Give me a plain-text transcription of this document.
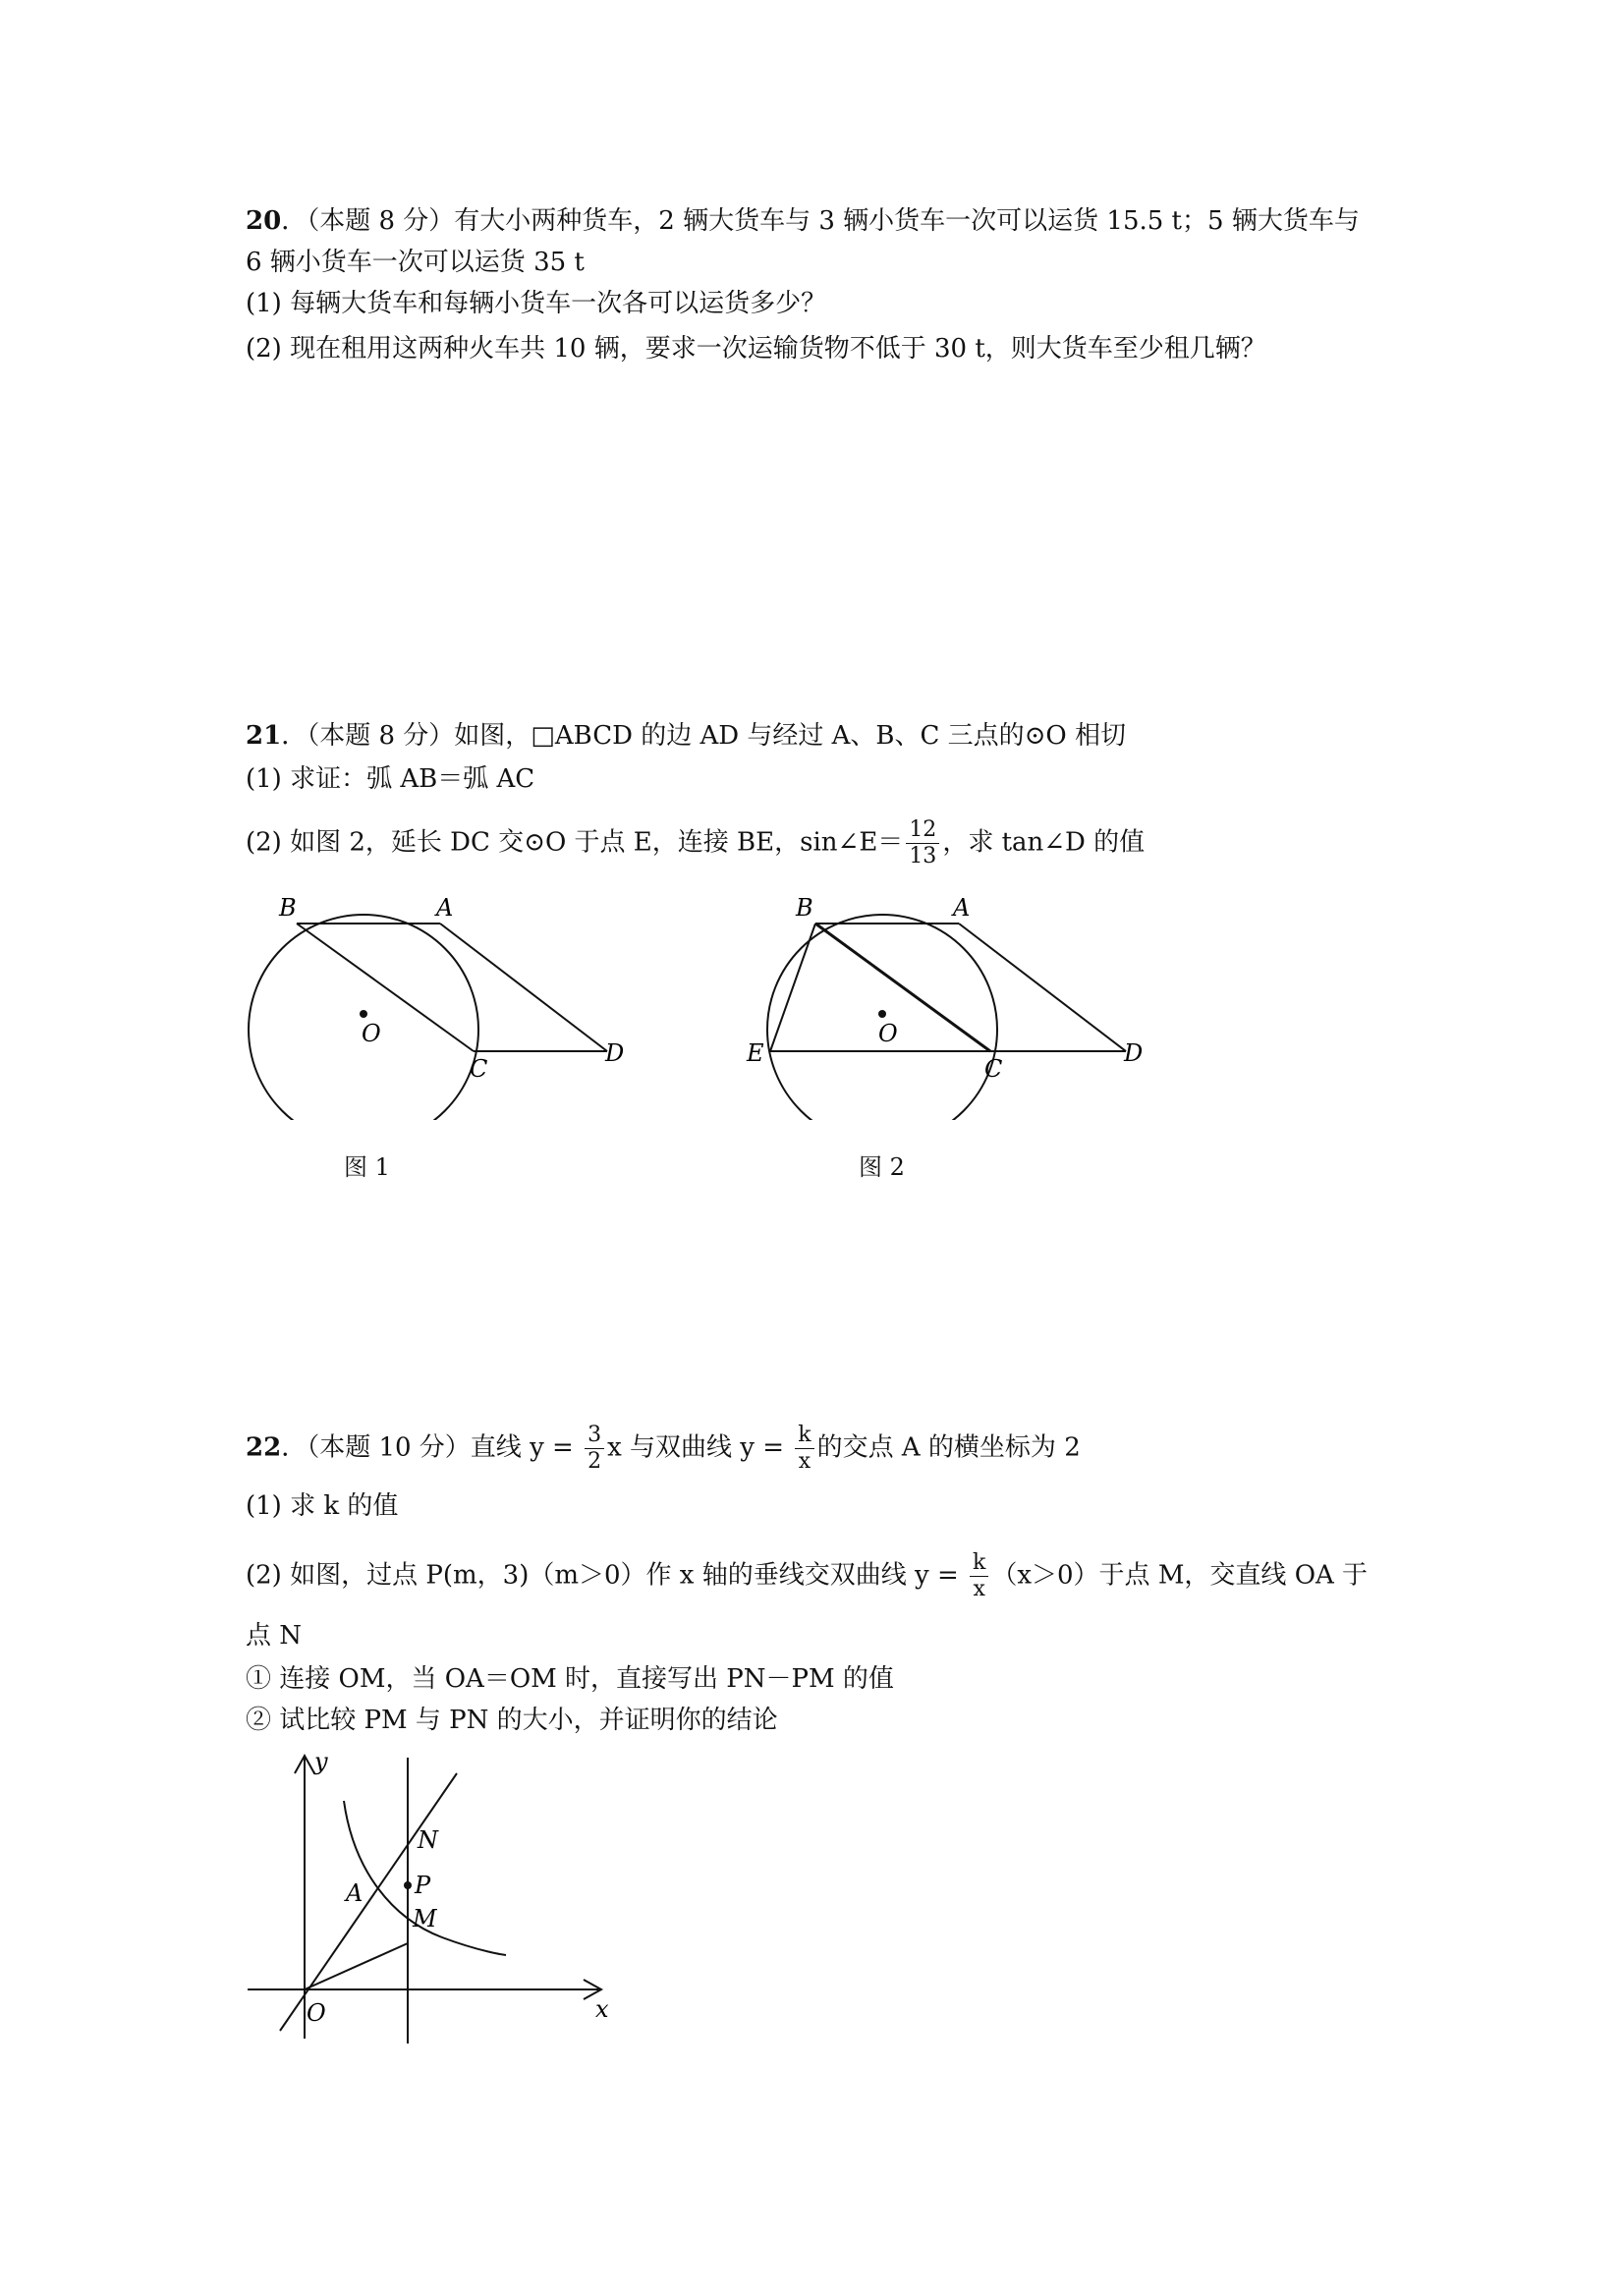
20．（本题 8 分）有大小两种货车，2 辆大货车与 3 辆小货车一次可以运货 15.5 t；5 辆大货车与
6 辆小货车一次可以运货 35 t
(1) 每辆大货车和每辆小货车一次各可以运货多少？
(2) 现在租用这两种火车共 10 辆，要求一次运输货物不低于 30 t，则大货车至少租几辆？
21．（本题 8 分）如图，□ABCD 的边 AD 与经过 A、B、C 三点的⊙O 相切
(1) 求证：弧 AB＝弧 AC
(2) 如图 2，延长 DC 交⊙O 于点 E，连接 BE，sin∠E＝ $\frac{12}{13}$ ，求 tan∠D 的值
B	A
O
C
D
图 1
B	A
O
C
D
E
图 2
22．（本题 10 分）直线 $y = \frac{3}{2}$ x 与双曲线 $y = \frac{k}{x}$ 的交点 A 的横坐标为 2
(1) 求 k 的值
(2) 如图，过点 P(m，3)（m＞0）作 x 轴的垂线交双曲线 $y = \frac{k}{x} (x>0)$于点 M，交直线 OA 于
点 N
① 连接 OM，当 OA＝OM 时，直接写出 PN－PM 的值
② 试比较 PM 与 PN 的大小，并证明你的结论
y
x
O
A
N
P
M
